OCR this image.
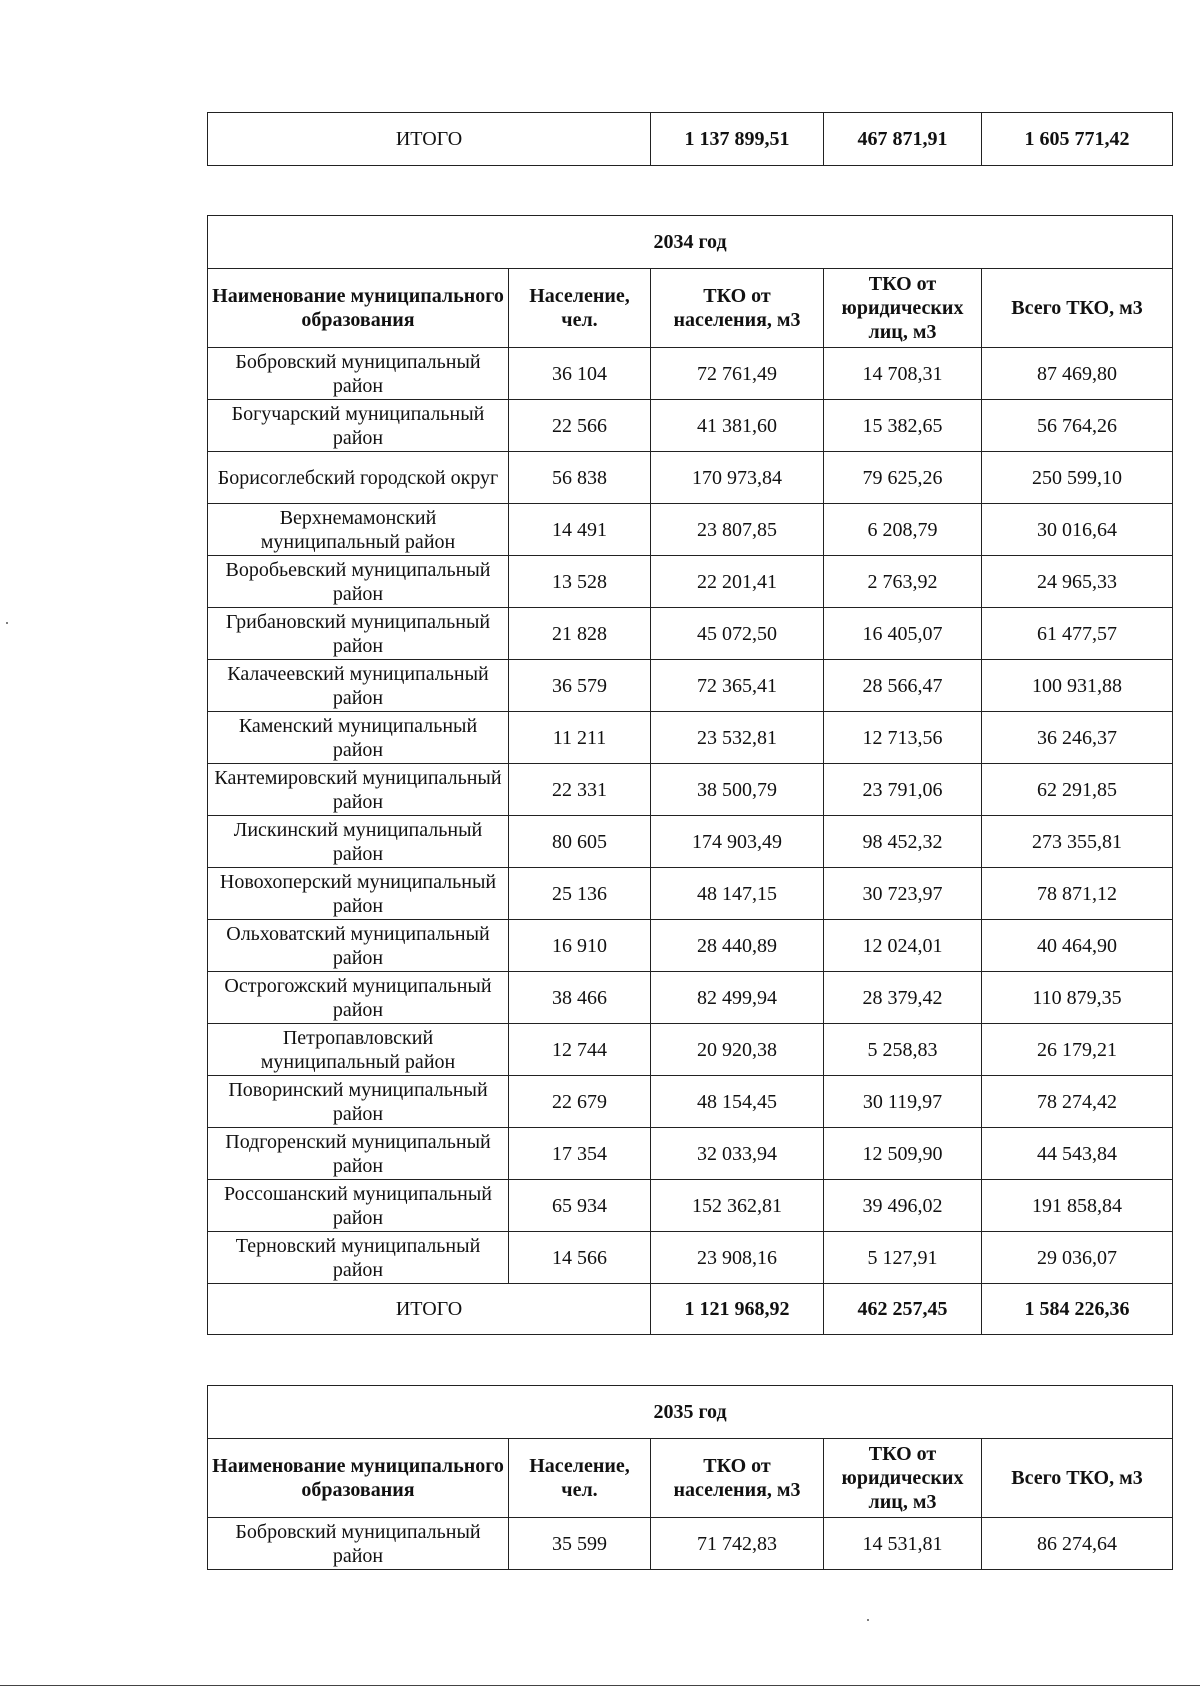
ИТОГО	1 137 899,51	467 871,91	1 605 771,42
2034 год				
Наименование муниципального образования	Население, чел.	ТКО от населения, м3	ТКО от юридических лиц, м3	Всего ТКО, м3
Бобровский муниципальный район	36 104	72 761,49	14 708,31	87 469,80
Богучарский муниципальный район	22 566	41 381,60	15 382,65	56 764,26
Борисоглебский городской округ	56 838	170 973,84	79 625,26	250 599,10
Верхнемамонский муниципальный район	14 491	23 807,85	6 208,79	30 016,64
Воробьевский муниципальный район	13 528	22 201,41	2 763,92	24 965,33
Грибановский муниципальный район	21 828	45 072,50	16 405,07	61 477,57
Калачеевский муниципальный район	36 579	72 365,41	28 566,47	100 931,88
Каменский муниципальный район	11 211	23 532,81	12 713,56	36 246,37
Кантемировский муниципальный район	22 331	38 500,79	23 791,06	62 291,85
Лискинский муниципальный район	80 605	174 903,49	98 452,32	273 355,81
Новохоперский муниципальный район	25 136	48 147,15	30 723,97	78 871,12
Ольховатский муниципальный район	16 910	28 440,89	12 024,01	40 464,90
Острогожский муниципальный район	38 466	82 499,94	28 379,42	110 879,35
Петропавловский муниципальный район	12 744	20 920,38	5 258,83	26 179,21
Поворинский муниципальный район	22 679	48 154,45	30 119,97	78 274,42
Подгоренский муниципальный район	17 354	32 033,94	12 509,90	44 543,84
Россошанский муниципальный район	65 934	152 362,81	39 496,02	191 858,84
Терновский муниципальный район	14 566	23 908,16	5 127,91	29 036,07
ИТОГО		1 121 968,92	462 257,45	1 584 226,36
2035 год				
Наименование муниципального образования	Население, чел.	ТКО от населения, м3	ТКО от юридических лиц, м3	Всего ТКО, м3
Бобровский муниципальный район	35 599	71 742,83	14 531,81	86 274,64
